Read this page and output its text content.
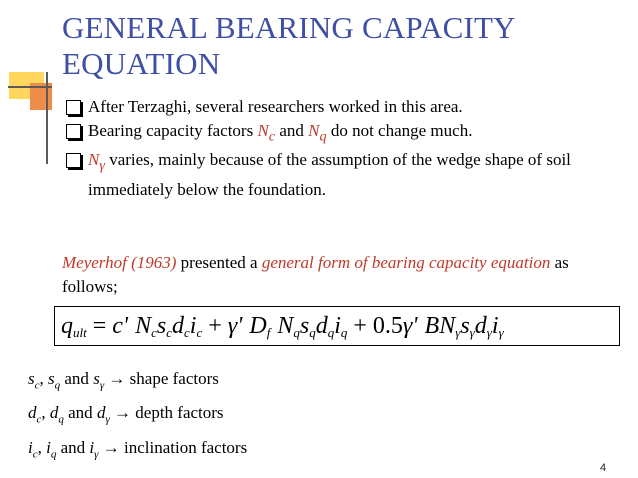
GENERAL BEARING CAPACITY EQUATION
After Terzaghi, several researchers worked in this area.
Bearing capacity factors $N_c$ and $N_q$ do not change much.
$N_\gamma$ varies, mainly because of the assumption of the wedge shape of soil immediately below the foundation.
Meyerhof (1963) presented a general form of bearing capacity equation as follows;
$q_{ult} = c'$ $N_cs_cd_ci_c + \gamma'$ $D_f$ $N_qs_qd_qi_q + 0.5\gamma'$ $BN_\gamma s_\gamma d_\gamma i_\gamma$
$s_c$, $s_q$ and $s_\gamma$ → shape factors
$d_c$, $d_q$ and $d_\gamma$ → depth factors
$i_c$, $i_q$ and $i_\gamma$ → inclination factors
4
